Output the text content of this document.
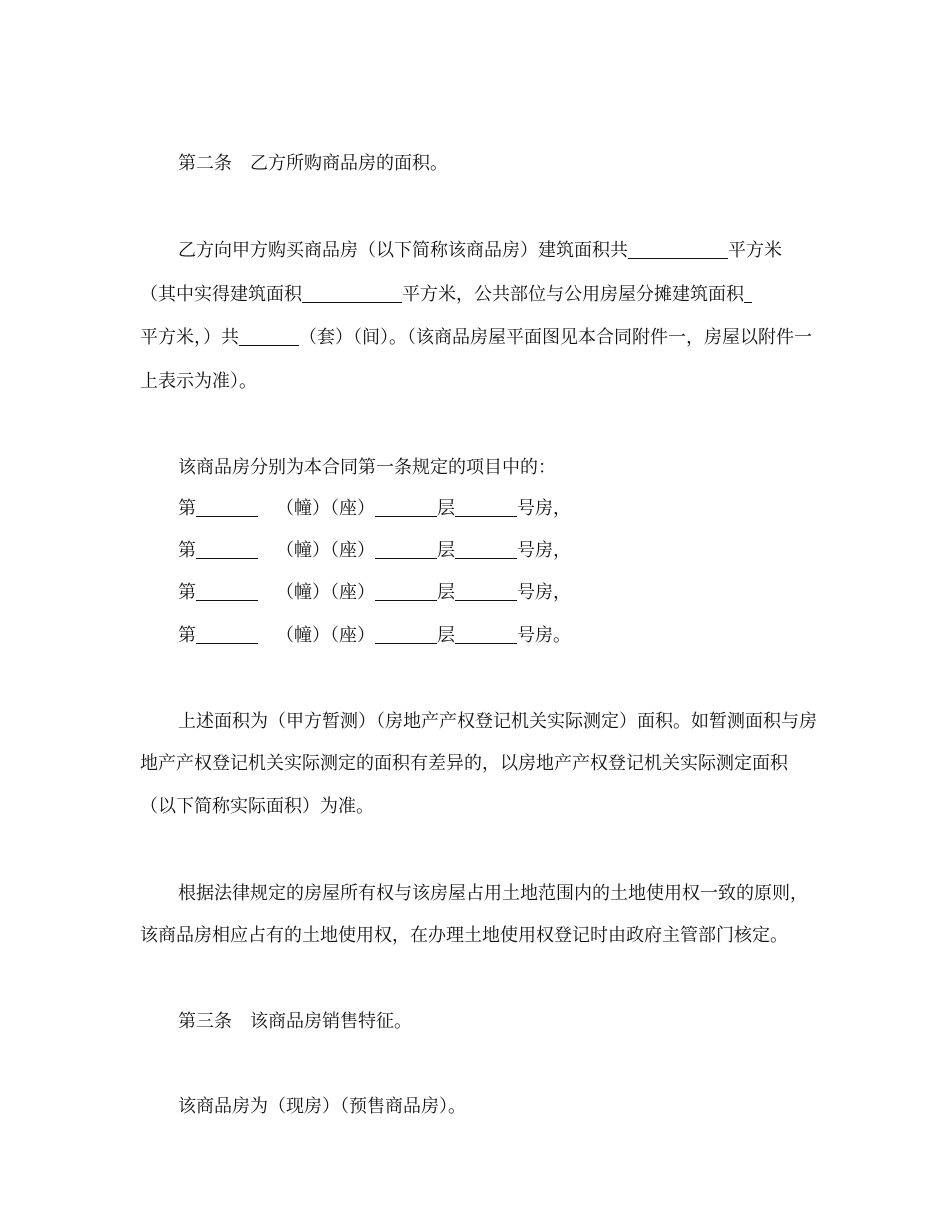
第二条　乙方所购商品房的面积。
乙方向甲方购买商品房（以下简称该商品房）建筑面积共	平方米
（其中实得建筑面积	平方米，公共部位与公用房屋分摊建筑面积
平方米，）共	（套）（间）。（该商品房屋平面图见本合同附件一，房屋以附件一
上表示为准）。
该商品房分别为本合同第一条规定的项目中的：
第	（幢）（座）	层	号房，
第	（幢）（座）	层	号房，
第	（幢）（座）	层	号房，
第	（幢）（座）	层	号房。
上述面积为（甲方暂测）（房地产产权登记机关实际测定）面积。如暂测面积与房
地产产权登记机关实际测定的面积有差异的，以房地产产权登记机关实际测定面积
（以下简称实际面积）为准。
根据法律规定的房屋所有权与该房屋占用土地范围内的土地使用权一致的原则，
该商品房相应占有的土地使用权，在办理土地使用权登记时由政府主管部门核定。
第三条　该商品房销售特征。
该商品房为（现房）（预售商品房）。
